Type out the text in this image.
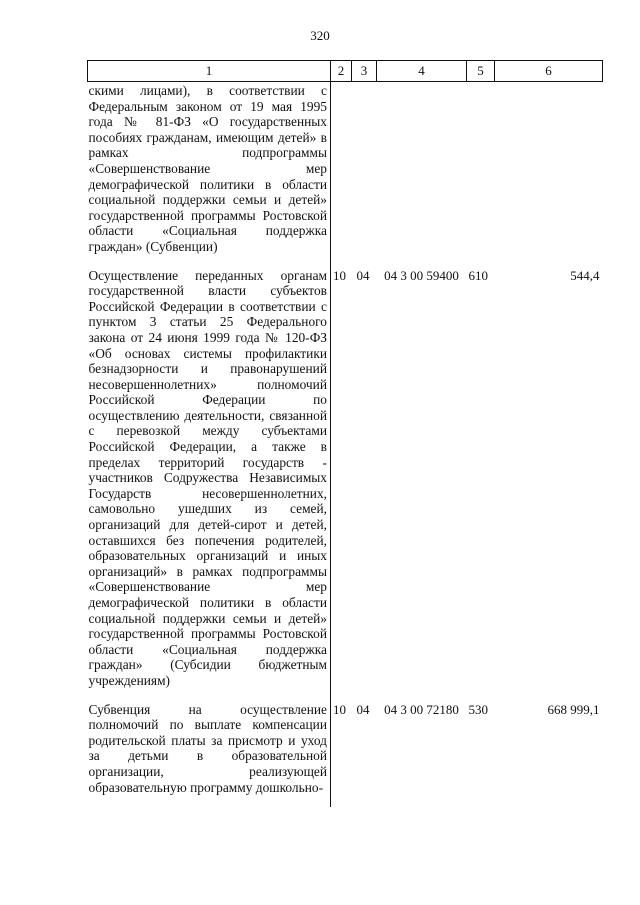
320
1	2	3	4	5	6
скими лицами), в соответствии с Федеральным законом от 19 мая 1995 года № 81-ФЗ «О государственных пособиях гражданам, имеющим детей» в рамках подпрограммы «Совершенствование мер демографической политики в области социальной поддержки семьи и детей» государственной программы Ростовской области «Социальная поддержка граждан» (Субвенции)					
Осуществление переданных органам государственной власти субъектов Российской Федерации в соответствии с пунктом 3 статьи 25 Федерального закона от 24 июня 1999 года № 120-ФЗ «Об основах системы профилактики безнадзорности и правонарушений несовершеннолетних» полномочий Российской Федерации по осуществлению деятельности, связанной с перевозкой между субъектами Российской Федерации, а также в пределах территорий государств - участников Содружества Независимых Государств несовершеннолетних, самовольно ушедших из семей, организаций для детей-сирот и детей, оставшихся без попечения родителей, образовательных организаций и иных организаций» в рамках подпрограммы «Совершенствование мер демографической политики в области социальной поддержки семьи и детей» государственной программы Ростовской области «Социальная поддержка граждан» (Субсидии бюджетным учреждениям)	10	04	04 3 00 59400	610	544,4
Субвенция на осуществление полномочий по выплате компенсации родительской платы за присмотр и уход за детьми в образовательной организации, реализующей образовательную программу дошкольно-	10	04	04 3 00 72180	530	668 999,1
